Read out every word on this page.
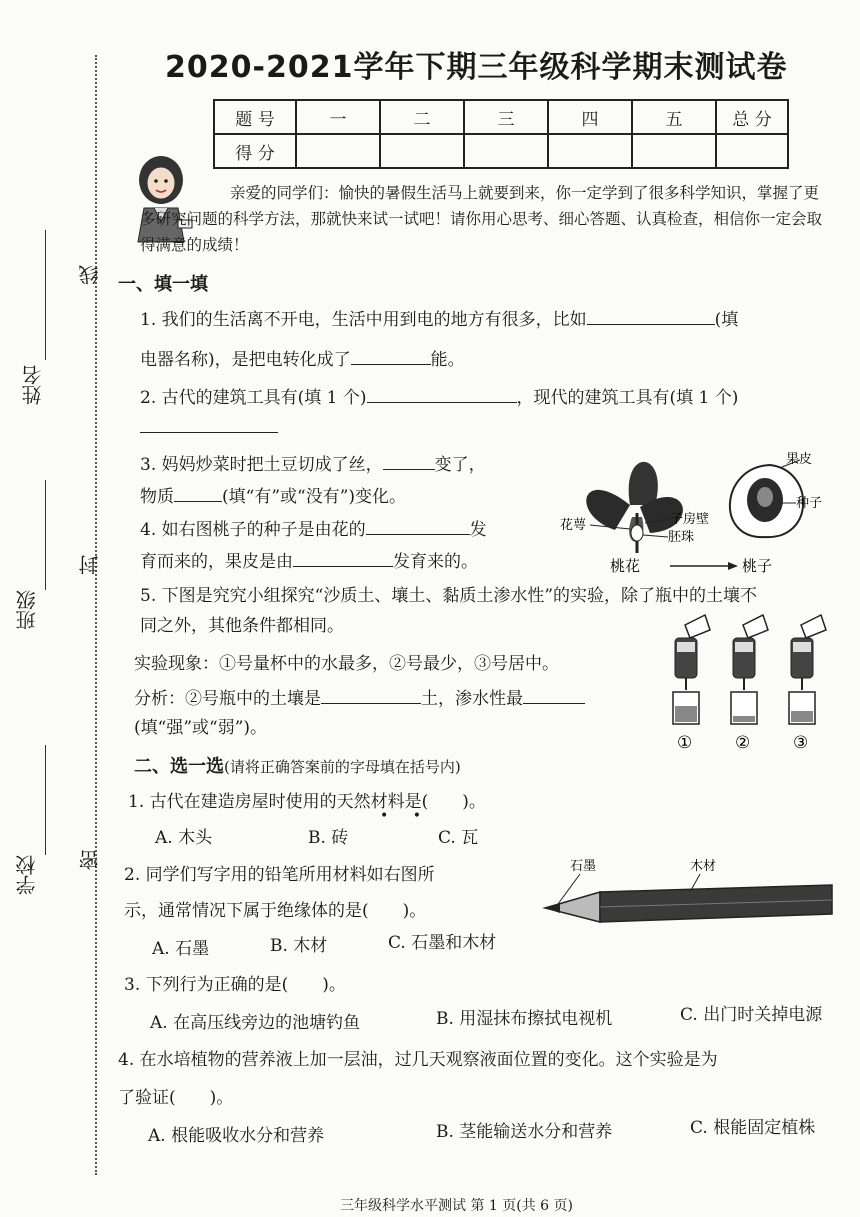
线
封
密
姓名
班级
学校
2020-2021学年下期三年级科学期末测试卷
题 号	一	二	三	四	五	总 分
得 分						
亲爱的同学们：愉快的暑假生活马上就要到来，你一定学到了很多科学知识，掌握了更多研究问题的科学方法，那就快来试一试吧！请你用心思考、细心答题、认真检查，相信你一定会取得满意的成绩！
一、填一填
1. 我们的生活离不开电，生活中用到电的地方有很多，比如	(填
电器名称)，是把电转化成了	能。
2. 古代的建筑工具有(填 1 个)	，现代的建筑工具有(填 1 个)
3. 妈妈炒菜时把土豆切成了丝，	变了，
物质	(填“有”或“没有”)变化。
4. 如右图桃子的种子是由花的	发
育而来的，果皮是由	发育来的。
子房壁
胚珠
花萼
果皮
种子
桃花	桃子
5. 下图是究究小组探究“沙质土、壤土、黏质土渗水性”的实验，除了瓶中的土壤不
同之外，其他条件都相同。
实验现象：①号量杯中的水最多，②号最少，③号居中。
分析：②号瓶中的土壤是	土，渗水性最
(填“强”或“弱”)。
①	②	③
二、选一选(请将正确答案前的字母填在括号内)
1. 古代在建造房屋时使用的天然材料是(　　)。
• •
A. 木头	B. 砖	C. 瓦
2. 同学们写字用的铅笔所用材料如右图所
示，通常情况下属于绝缘体的是(　　)。
A. 石墨	B. 木材	C. 石墨和木材
石墨	木材
3. 下列行为正确的是(　　)。
A. 在高压线旁边的池塘钓鱼	B. 用湿抹布擦拭电视机	C. 出门时关掉电源
4. 在水培植物的营养液上加一层油，过几天观察液面位置的变化。这个实验是为
了验证(　　)。
A. 根能吸收水分和营养	B. 茎能输送水分和营养	C. 根能固定植株
三年级科学水平测试 第 1 页(共 6 页)
